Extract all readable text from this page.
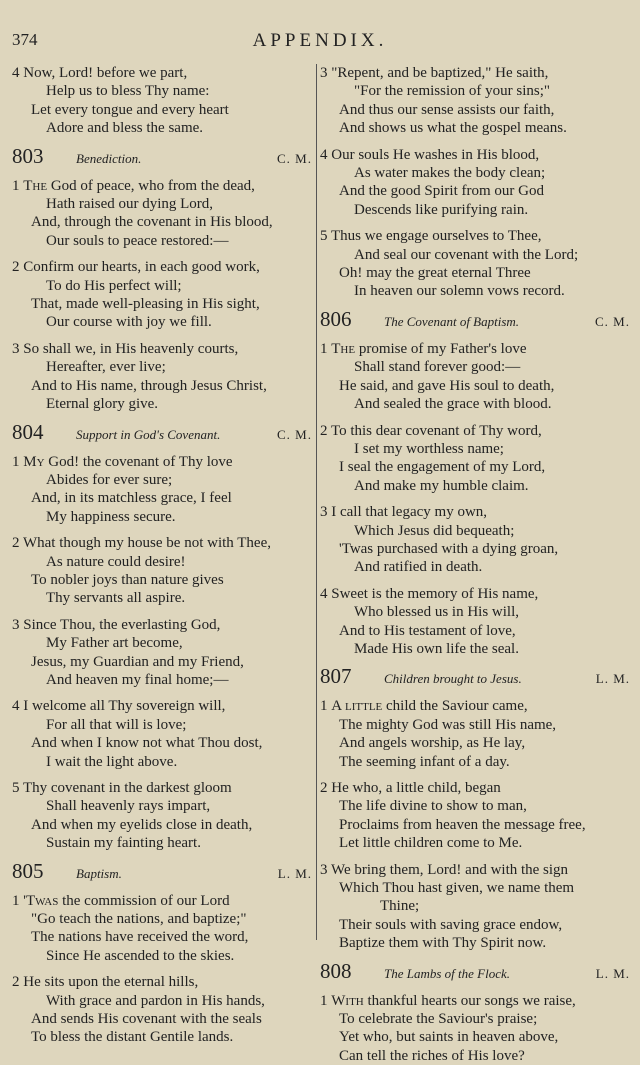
374	APPENDIX.
4 Now, Lord! before we part,
Help us to bless Thy name:
Let every tongue and every heart
Adore and bless the same.
803	Benediction.	C. M.
1 The God of peace, who from the dead,
Hath raised our dying Lord,
And, through the covenant in His blood,
Our souls to peace restored:—
2 Confirm our hearts, in each good work,
To do His perfect will;
That, made well-pleasing in His sight,
Our course with joy we fill.
3 So shall we, in His heavenly courts,
Hereafter, ever live;
And to His name, through Jesus Christ,
Eternal glory give.
804	Support in God's Covenant.	C. M.
1 My God! the covenant of Thy love
Abides for ever sure;
And, in its matchless grace, I feel
My happiness secure.
2 What though my house be not with Thee,
As nature could desire!
To nobler joys than nature gives
Thy servants all aspire.
3 Since Thou, the everlasting God,
My Father art become,
Jesus, my Guardian and my Friend,
And heaven my final home;—
4 I welcome all Thy sovereign will,
For all that will is love;
And when I know not what Thou dost,
I wait the light above.
5 Thy covenant in the darkest gloom
Shall heavenly rays impart,
And when my eyelids close in death,
Sustain my fainting heart.
805	Baptism.	L. M.
1 'Twas the commission of our Lord
"Go teach the nations, and baptize;"
The nations have received the word,
Since He ascended to the skies.
2 He sits upon the eternal hills,
With grace and pardon in His hands,
And sends His covenant with the seals
To bless the distant Gentile lands.
3 "Repent, and be baptized," He saith,
"For the remission of your sins;"
And thus our sense assists our faith,
And shows us what the gospel means.
4 Our souls He washes in His blood,
As water makes the body clean;
And the good Spirit from our God
Descends like purifying rain.
5 Thus we engage ourselves to Thee,
And seal our covenant with the Lord;
Oh! may the great eternal Three
In heaven our solemn vows record.
806	The Covenant of Baptism.	C. M.
1 The promise of my Father's love
Shall stand forever good:—
He said, and gave His soul to death,
And sealed the grace with blood.
2 To this dear covenant of Thy word,
I set my worthless name;
I seal the engagement of my Lord,
And make my humble claim.
3 I call that legacy my own,
Which Jesus did bequeath;
'Twas purchased with a dying groan,
And ratified in death.
4 Sweet is the memory of His name,
Who blessed us in His will,
And to His testament of love,
Made His own life the seal.
807	Children brought to Jesus.	L. M.
1 A little child the Saviour came,
The mighty God was still His name,
And angels worship, as He lay,
The seeming infant of a day.
2 He who, a little child, began
The life divine to show to man,
Proclaims from heaven the message free,
Let little children come to Me.
3 We bring them, Lord! and with the sign
Which Thou hast given, we name them
Thine;
Their souls with saving grace endow,
Baptize them with Thy Spirit now.
808	The Lambs of the Flock.	L. M.
1 With thankful hearts our songs we raise,
To celebrate the Saviour's praise;
Yet who, but saints in heaven above,
Can tell the riches of His love?
